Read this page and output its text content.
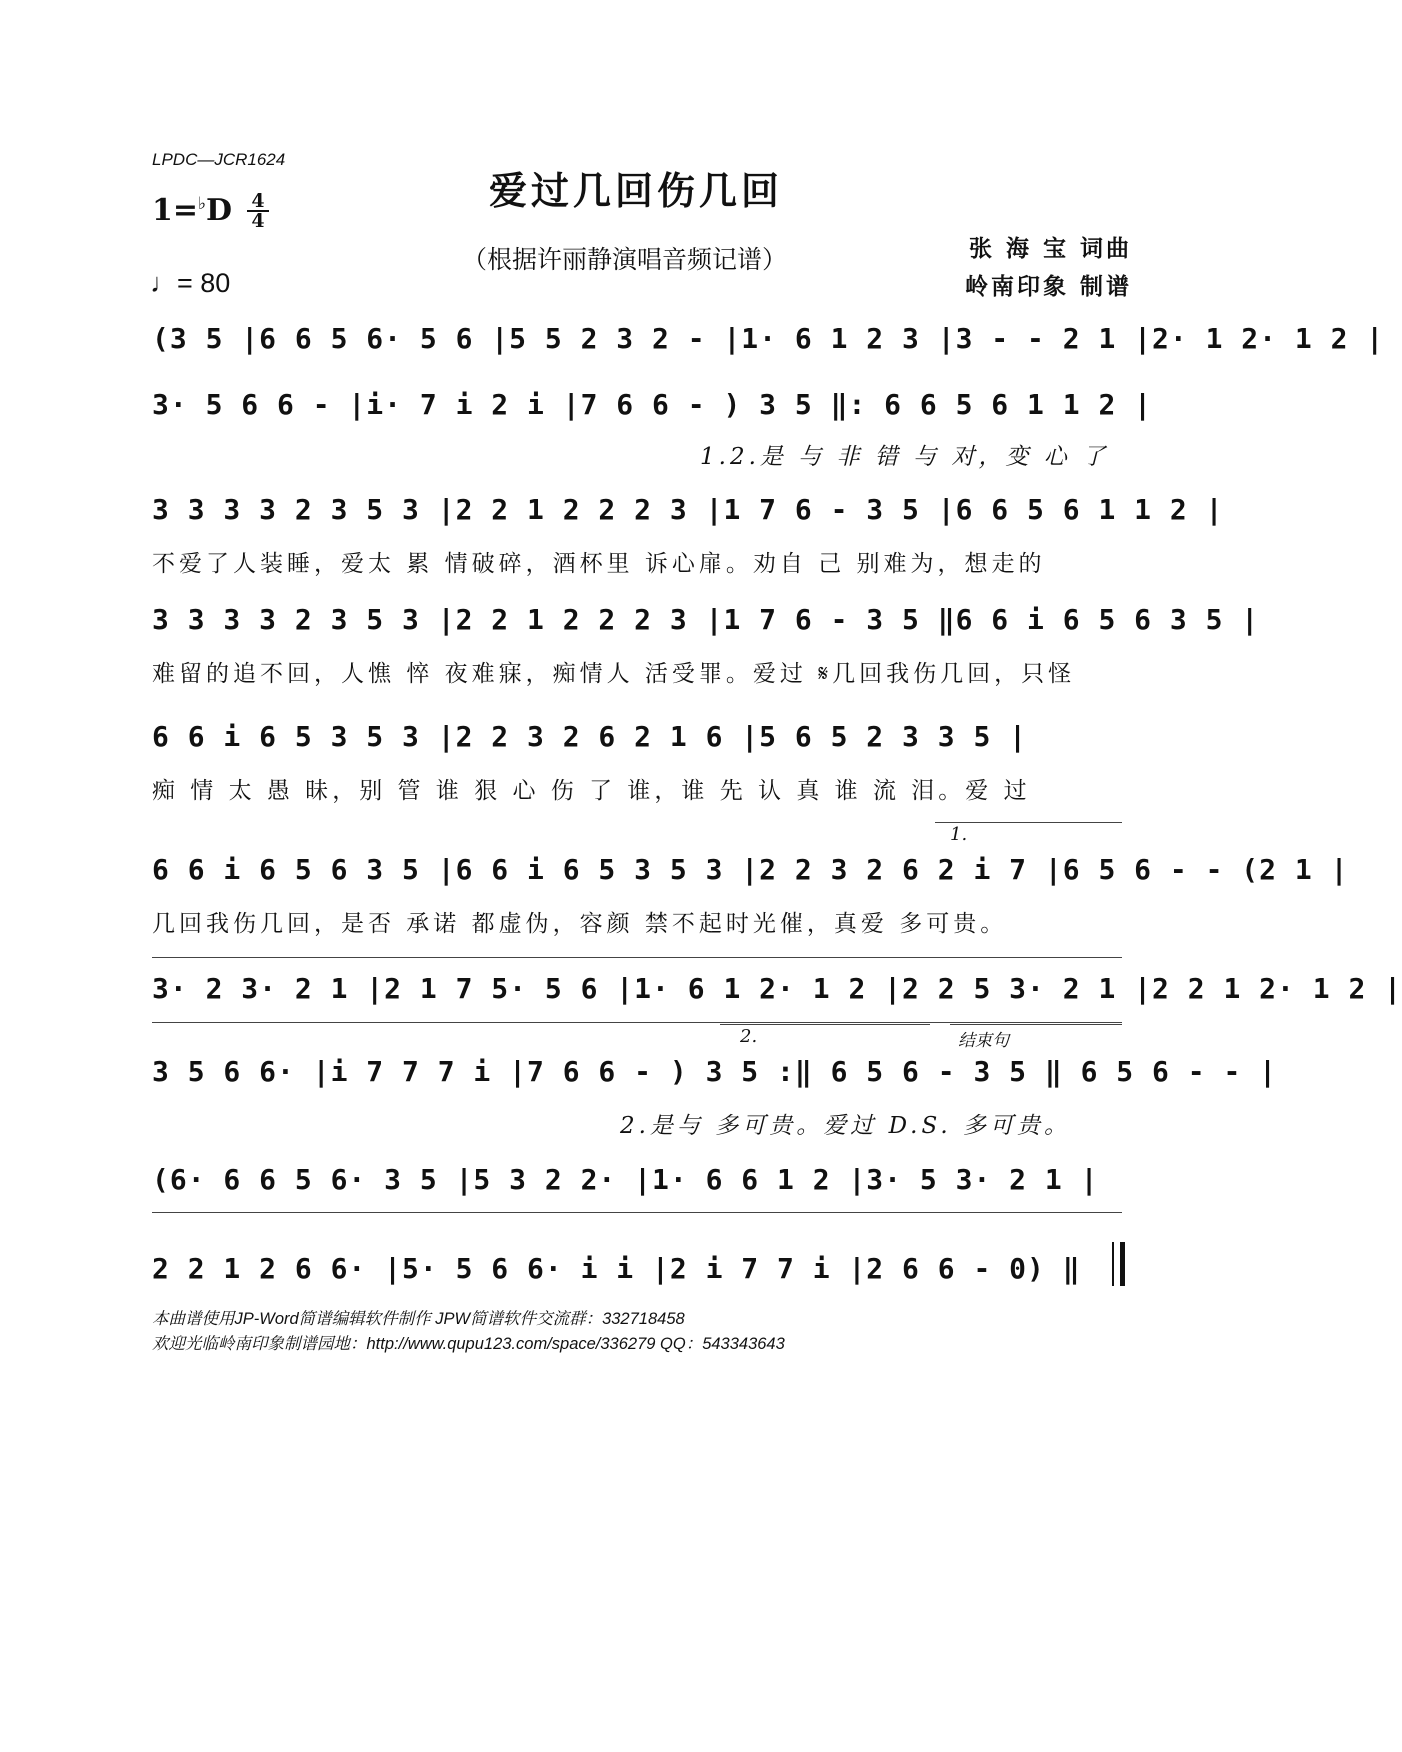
LPDC—JCR1624
爱过几回伤几回
1=♭D 4
4
♩= 80
（根据许丽静演唱音频记谱）	张 海 宝 词曲
岭南印象 制谱
(3 5 |6 6 5 6· 5 6 |5 5 2 3 2 - |1· 6 1 2 3 |3 - - 2 1 |2· 1 2· 1 2 |
3· 5 6 6 - |i· 7 i 2 i |7 6 6 - ) 3 5 ‖: 6 6 5 6 1 1 2 |
1.2.是 与 非 错 与 对，变 心 了
3 3 3 3 2 3 5 3 |2 2 1 2 2 2 3 |1 7 6 - 3 5 |6 6 5 6 1 1 2 |
不爱了人装睡，爱太 累 情破碎，酒杯里 诉心扉。劝自 己 别难为，想走的
3 3 3 3 2 3 5 3 |2 2 1 2 2 2 3 |1 7 6 - 3 5 ‖6 6 i 6 5 6 3 5 |
难留的追不回，人憔 悴 夜难寐，痴情人 活受罪。爱过 𝄋几回我伤几回，只怪
6 6 i 6 5 3 5 3 |2 2 3 2 6 2 1 6 |5 6 5 2 3 3 5 |
痴 情 太 愚 昧，别 管 谁 狠 心 伤 了 谁，谁 先 认 真 谁 流 泪。爱 过
1.
6 6 i 6 5 6 3 5 |6 6 i 6 5 3 5 3 |2 2 3 2 6 2 i 7 |6 5 6 - - (2 1 |
几回我伤几回，是否 承诺 都虚伪，容颜 禁不起时光催，真爱 多可贵。
3· 2 3· 2 1 |2 1 7 5· 5 6 |1· 6 1 2· 1 2 |2 2 5 3· 2 1 |2 2 1 2· 1 2 |
2.	结束句
3 5 6 6· |i 7 7 7 i |7 6 6 - ) 3 5 :‖ 6 5 6 - 3 5 ‖ 6 5 6 - - |
2.是与 多可贵。爱过 D.S. 多可贵。
(6· 6 6 5 6· 3 5 |5 3 2 2· |1· 6 6 1 2 |3· 5 3· 2 1 |
2 2 1 2 6 6· |5· 5 6 6· i i |2 i 7 7 i |2 6 6 - 0) ‖
本曲谱使用JP-Word简谱编辑软件制作 JPW简谱软件交流群：332718458
欢迎光临岭南印象制谱园地：http://www.qupu123.com/space/336279 QQ：543343643
